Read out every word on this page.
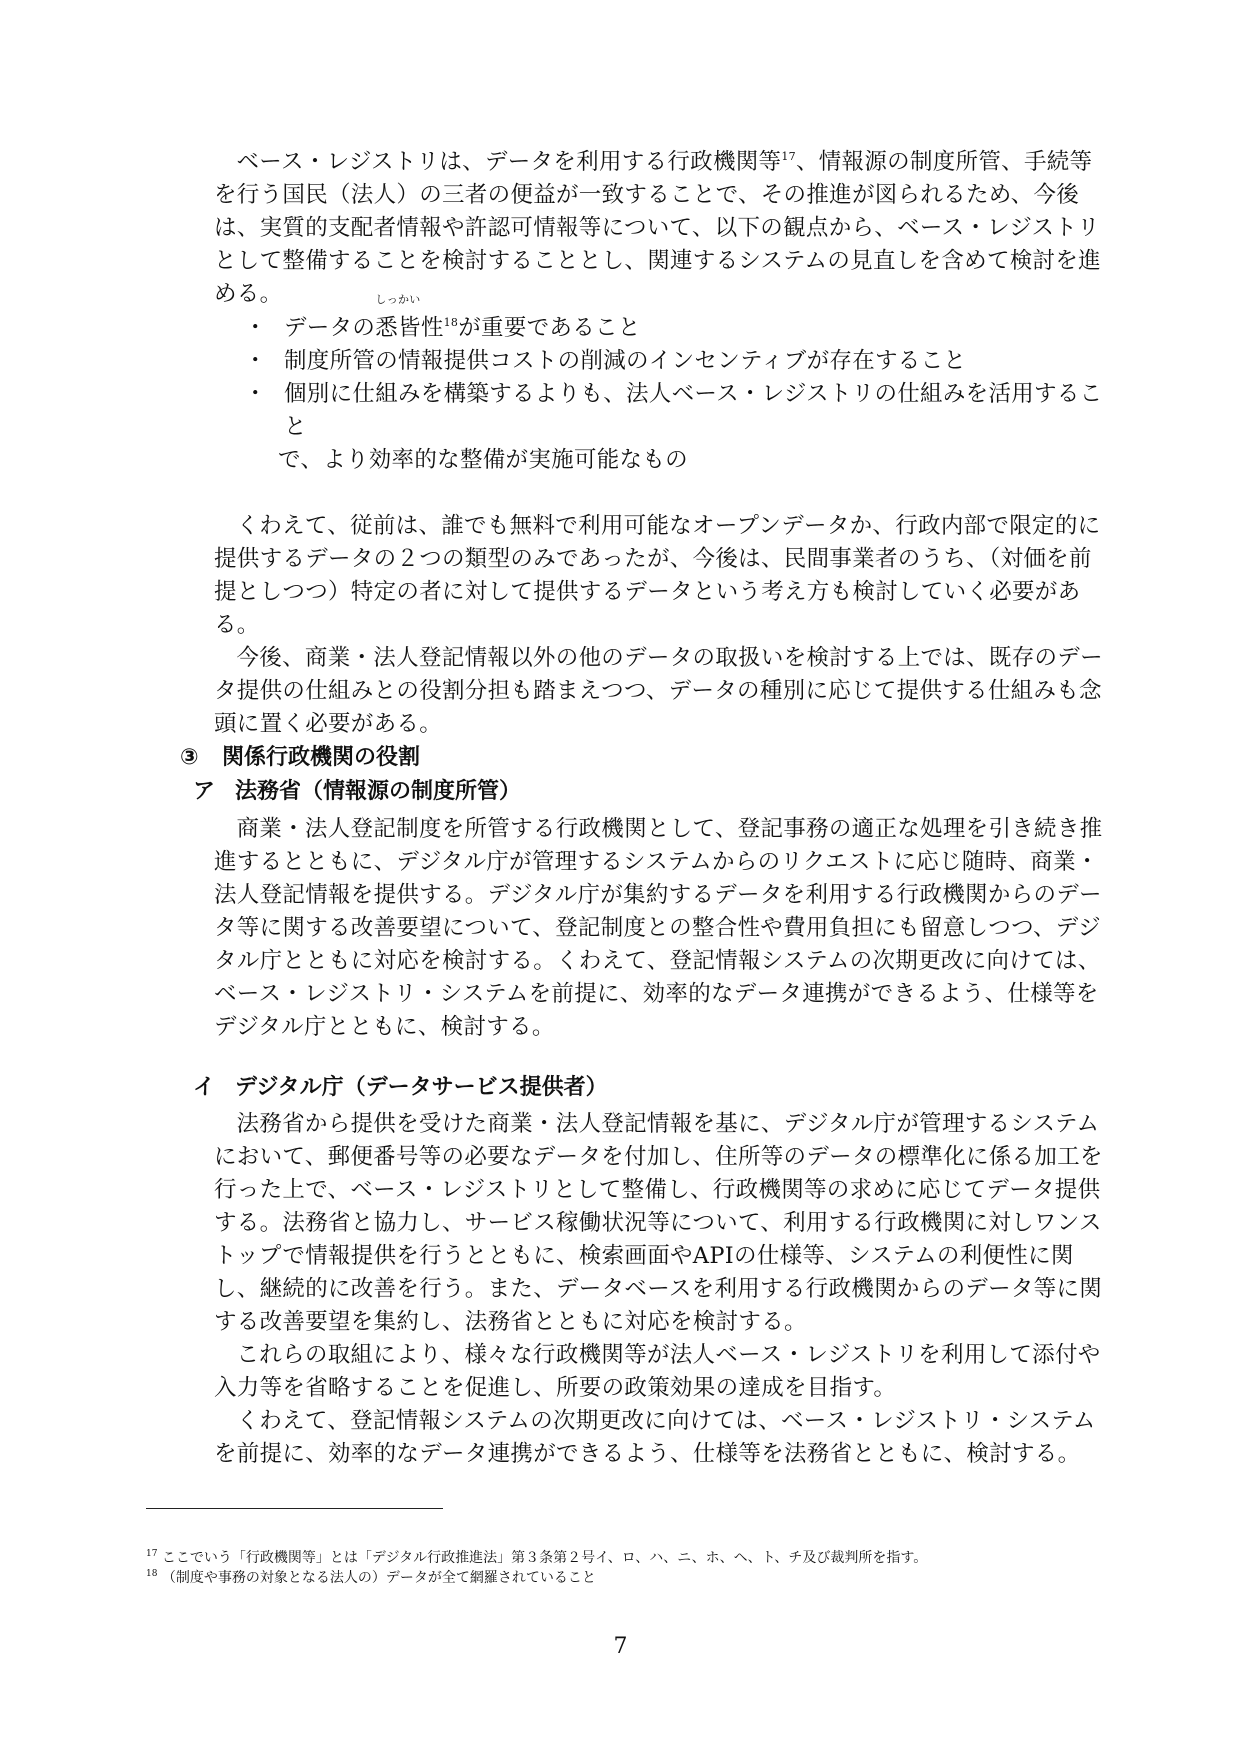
ベース・レジストリは、データを利用する行政機関等$^{17}$、情報源の制度所管、手続等を行う国民（法人）の三者の便益が一致することで、その推進が図られるため、今後は、実質的支配者情報や許認可情報等について、以下の観点から、ベース・レジストリとして整備することを検討することとし、関連するシステムの見直しを含めて検討を進める。

・ データの悉皆
しっかい
性$^{18}$が重要であること
・ 制度所管の情報提供コストの削減のインセンティブが存在すること
・ 個別に仕組みを構築するよりも、法人ベース・レジストリの仕組みを活用すること
で、より効率的な整備が実施可能なもの

くわえて、従前は、誰でも無料で利用可能なオープンデータか、行政内部で限定的に提供するデータの２つの類型のみであったが、今後は、民間事業者のうち、（対価を前提としつつ）特定の者に対して提供するデータという考え方も検討していく必要がある。

今後、商業・法人登記情報以外の他のデータの取扱いを検討する上では、既存のデータ提供の仕組みとの役割分担も踏まえつつ、データの種別に応じて提供する仕組みも念頭に置く必要がある。

③ 関係行政機関の役割
ア 法務省（情報源の制度所管）

商業・法人登記制度を所管する行政機関として、登記事務の適正な処理を引き続き推進するとともに、デジタル庁が管理するシステムからのリクエストに応じ随時、商業・法人登記情報を提供する。デジタル庁が集約するデータを利用する行政機関からのデータ等に関する改善要望について、登記制度との整合性や費用負担にも留意しつつ、デジタル庁とともに対応を検討する。くわえて、登記情報システムの次期更改に向けては、ベース・レジストリ・システムを前提に、効率的なデータ連携ができるよう、仕様等をデジタル庁とともに、検討する。

イ デジタル庁（データサービス提供者）

法務省から提供を受けた商業・法人登記情報を基に、デジタル庁が管理するシステムにおいて、郵便番号等の必要なデータを付加し、住所等のデータの標準化に係る加工を行った上で、ベース・レジストリとして整備し、行政機関等の求めに応じてデータ提供する。法務省と協力し、サービス稼働状況等について、利用する行政機関に対しワンストップで情報提供を行うとともに、検索画面やAPIの仕様等、システムの利便性に関し、継続的に改善を行う。また、データベースを利用する行政機関からのデータ等に関する改善要望を集約し、法務省とともに対応を検討する。

これらの取組により、様々な行政機関等が法人ベース・レジストリを利用して添付や入力等を省略することを促進し、所要の政策効果の達成を目指す。

くわえて、登記情報システムの次期更改に向けては、ベース・レジストリ・システムを前提に、効率的なデータ連携ができるよう、仕様等を法務省とともに、検討する。

$^{17}$ ここでいう「行政機関等」とは「デジタル行政推進法」第３条第２号イ、ロ、ハ、ニ、ホ、ヘ、ト、チ及び裁判所を指す。
$^{18}$ （制度や事務の対象となる法人の）データが全て網羅されていること
7
